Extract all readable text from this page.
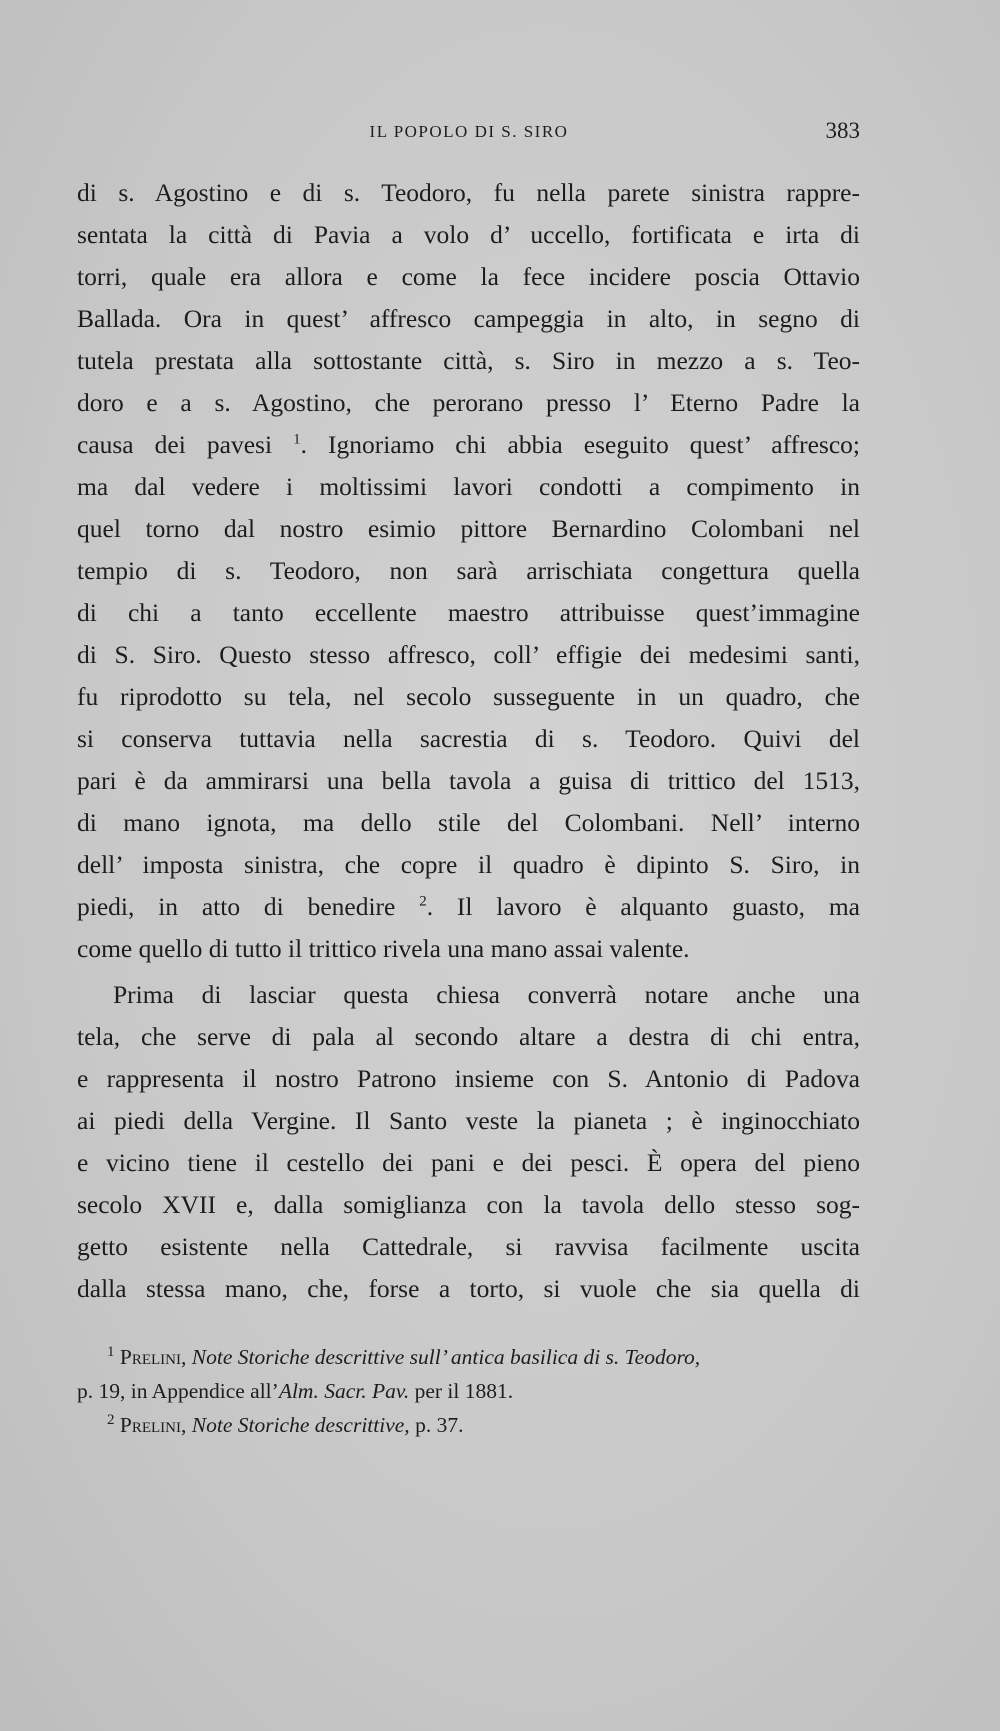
IL POPOLO DI S. SIRO	383
di s. Agostino e di s. Teodoro, fu nella parete sinistra rappre-
sentata la città di Pavia a volo d’ uccello, fortificata e irta di
torri, quale era allora e come la fece incidere poscia Ottavio
Ballada. Ora in quest’ affresco campeggia in alto, in segno di
tutela prestata alla sottostante città, s. Siro in mezzo a s. Teo-
doro e a s. Agostino, che perorano presso l’ Eterno Padre la
causa dei pavesi $^1$. Ignoriamo chi abbia eseguito quest’ affresco;
ma dal vedere i moltissimi lavori condotti a compimento in
quel torno dal nostro esimio pittore Bernardino Colombani nel
tempio di s. Teodoro, non sarà arrischiata congettura quella
di chi a tanto eccellente maestro attribuisse quest’immagine
di S. Siro. Questo stesso affresco, coll’ effigie dei medesimi santi,
fu riprodotto su tela, nel secolo susseguente in un quadro, che
si conserva tuttavia nella sacrestia di s. Teodoro. Quivi del
pari è da ammirarsi una bella tavola a guisa di trittico del 1513,
di mano ignota, ma dello stile del Colombani. Nell’ interno
dell’ imposta sinistra, che copre il quadro è dipinto S. Siro, in
piedi, in atto di benedire $^2$. Il lavoro è alquanto guasto, ma
come quello di tutto il trittico rivela una mano assai valente.
Prima di lasciar questa chiesa converrà notare anche una
tela, che serve di pala al secondo altare a destra di chi entra,
e rappresenta il nostro Patrono insieme con S. Antonio di Padova
ai piedi della Vergine. Il Santo veste la pianeta ; è inginocchiato
e vicino tiene il cestello dei pani e dei pesci. È opera del pieno
secolo XVII e, dalla somiglianza con la tavola dello stesso sog-
getto esistente nella Cattedrale, si ravvisa facilmente uscita
dalla stessa mano, che, forse a torto, si vuole che sia quella di
$^1$ Prelini, Note Storiche descrittive sull’ antica basilica di s. Teodoro,
p. 19, in Appendice all’Alm. Sacr. Pav. per il 1881.
$^2$ Prelini, Note Storiche descrittive, p. 37.
